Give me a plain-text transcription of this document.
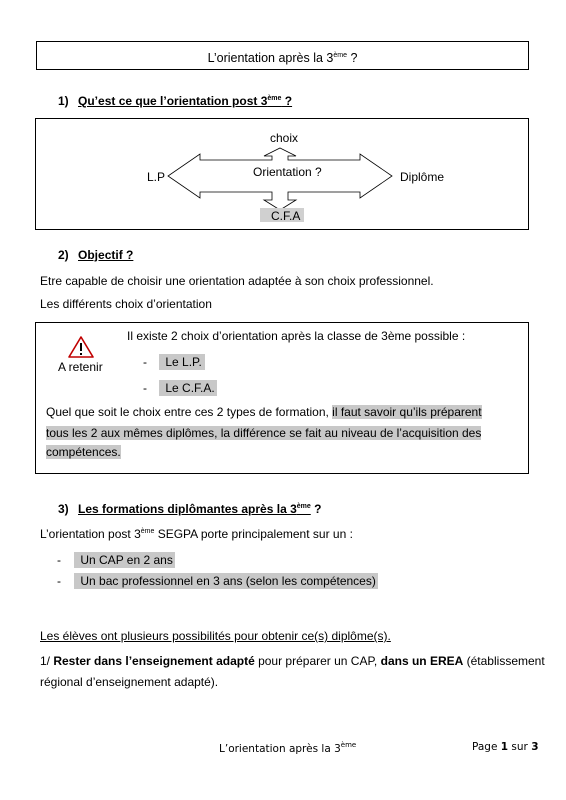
L’orientation après la 3ème ?
1) Qu’est ce que l’orientation post 3ème ?
Orientation ?
choix
L.P	Diplôme
C.F.A
2) Objectif ?
Etre capable de choisir une orientation adaptée à son choix professionnel.
Les différents choix d’orientation
A retenir
Il existe 2 choix d’orientation après la classe de 3ème possible :
- Le L.P.
- Le C.F.A.
Quel que soit le choix entre ces 2 types de formation, il faut savoir qu’ils préparent
tous les 2 aux mêmes diplômes, la différence se fait au niveau de l’acquisition des
compétences.
3) Les formations diplômantes après la 3ème ?
L’orientation post 3ème SEGPA porte principalement sur un :
- Un CAP en 2 ans
- Un bac professionnel en 3 ans (selon les compétences)
Les élèves ont plusieurs possibilités pour obtenir ce(s) diplôme(s).
1/ Rester dans l’enseignement adapté pour préparer un CAP, dans un EREA (établissement
régional d’enseignement adapté).
L’orientation après la 3ème	Page 1 sur 3
